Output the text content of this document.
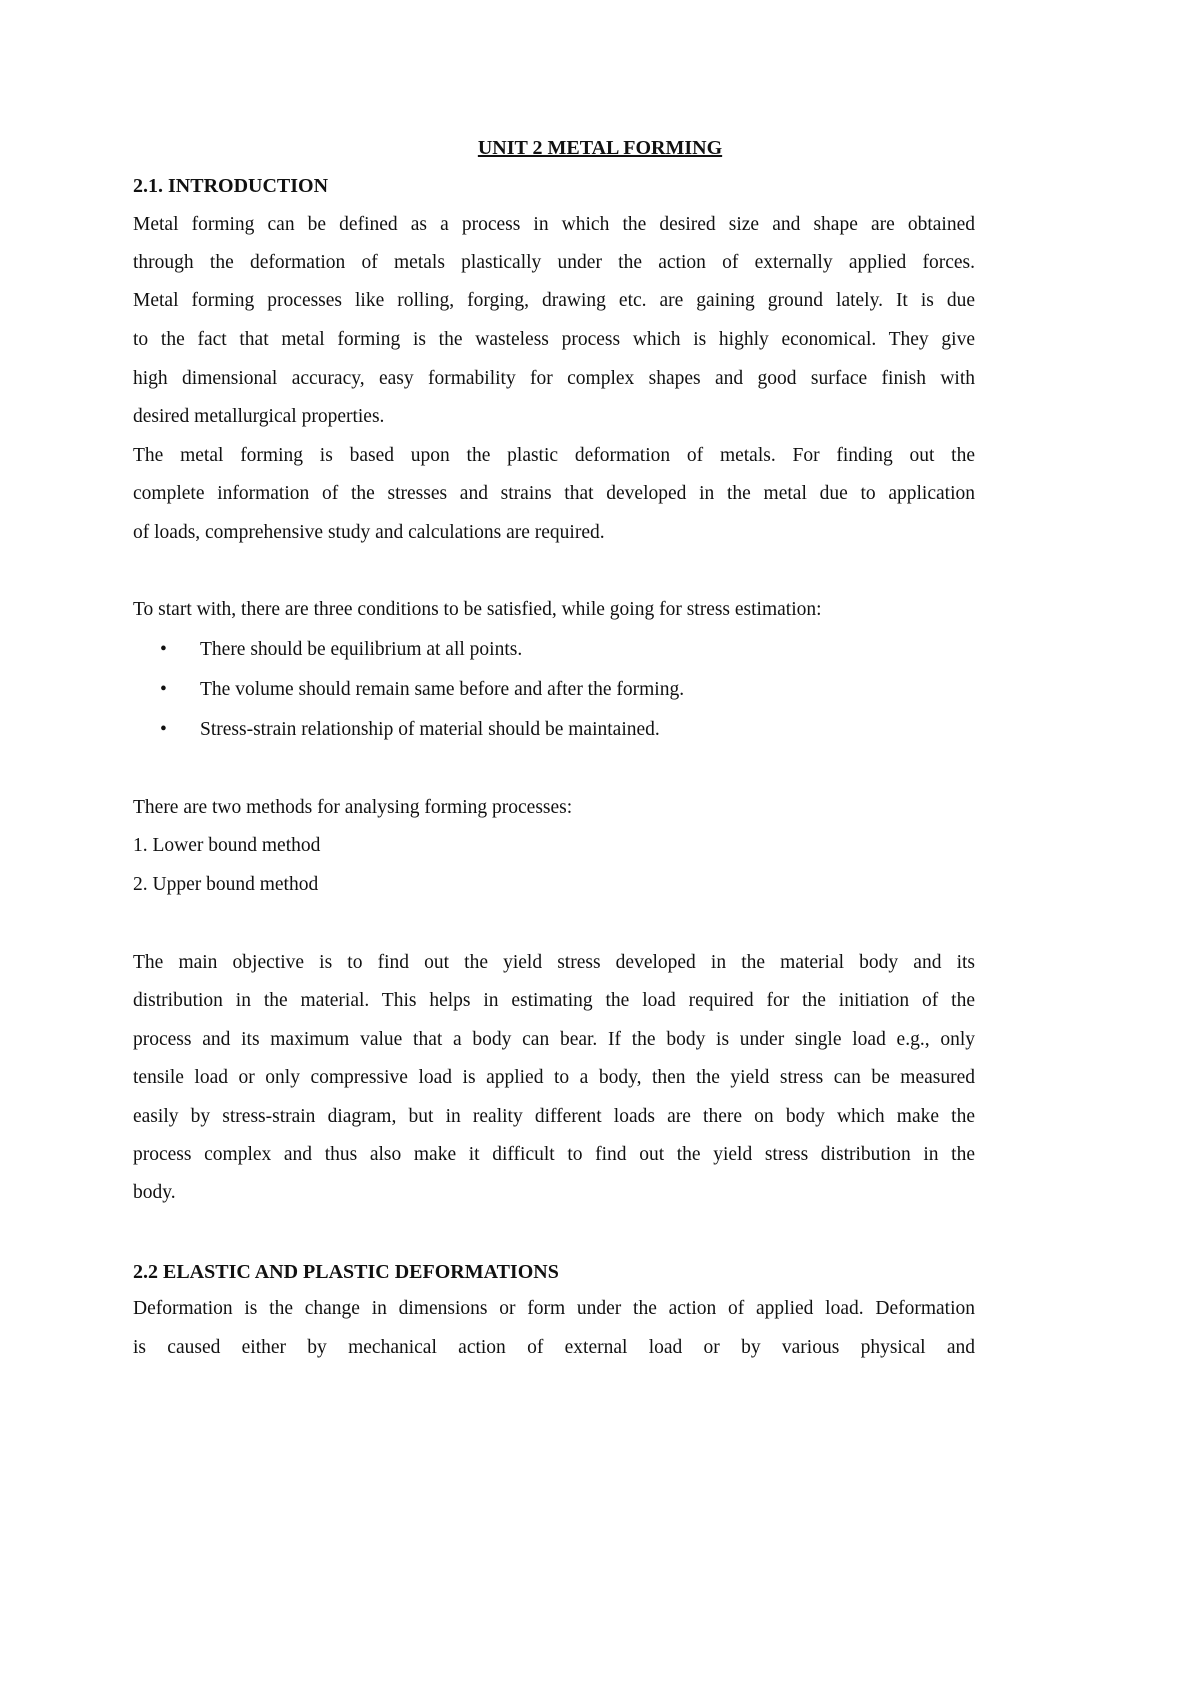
UNIT 2 METAL FORMING
2.1. INTRODUCTION
Metal forming can be defined as a process in which the desired size and shape are obtained
through the deformation of metals plastically under the action of externally applied forces.
Metal forming processes like rolling, forging, drawing etc. are gaining ground lately. It is due
to the fact that metal forming is the wasteless process which is highly economical. They give
high dimensional accuracy, easy formability for complex shapes and good surface finish with
desired metallurgical properties.
The metal forming is based upon the plastic deformation of metals. For finding out the
complete information of the stresses and strains that developed in the metal due to application
of loads, comprehensive study and calculations are required.
To start with, there are three conditions to be satisfied, while going for stress estimation:
• There should be equilibrium at all points.
• The volume should remain same before and after the forming.
• Stress-strain relationship of material should be maintained.
There are two methods for analysing forming processes:
1. Lower bound method
2. Upper bound method
The main objective is to find out the yield stress developed in the material body and its
distribution in the material. This helps in estimating the load required for the initiation of the
process and its maximum value that a body can bear. If the body is under single load e.g., only
tensile load or only compressive load is applied to a body, then the yield stress can be measured
easily by stress-strain diagram, but in reality different loads are there on body which make the
process complex and thus also make it difficult to find out the yield stress distribution in the
body.
2.2 ELASTIC AND PLASTIC DEFORMATIONS
Deformation is the change in dimensions or form under the action of applied load. Deformation
is caused either by mechanical action of external load or by various physical and
